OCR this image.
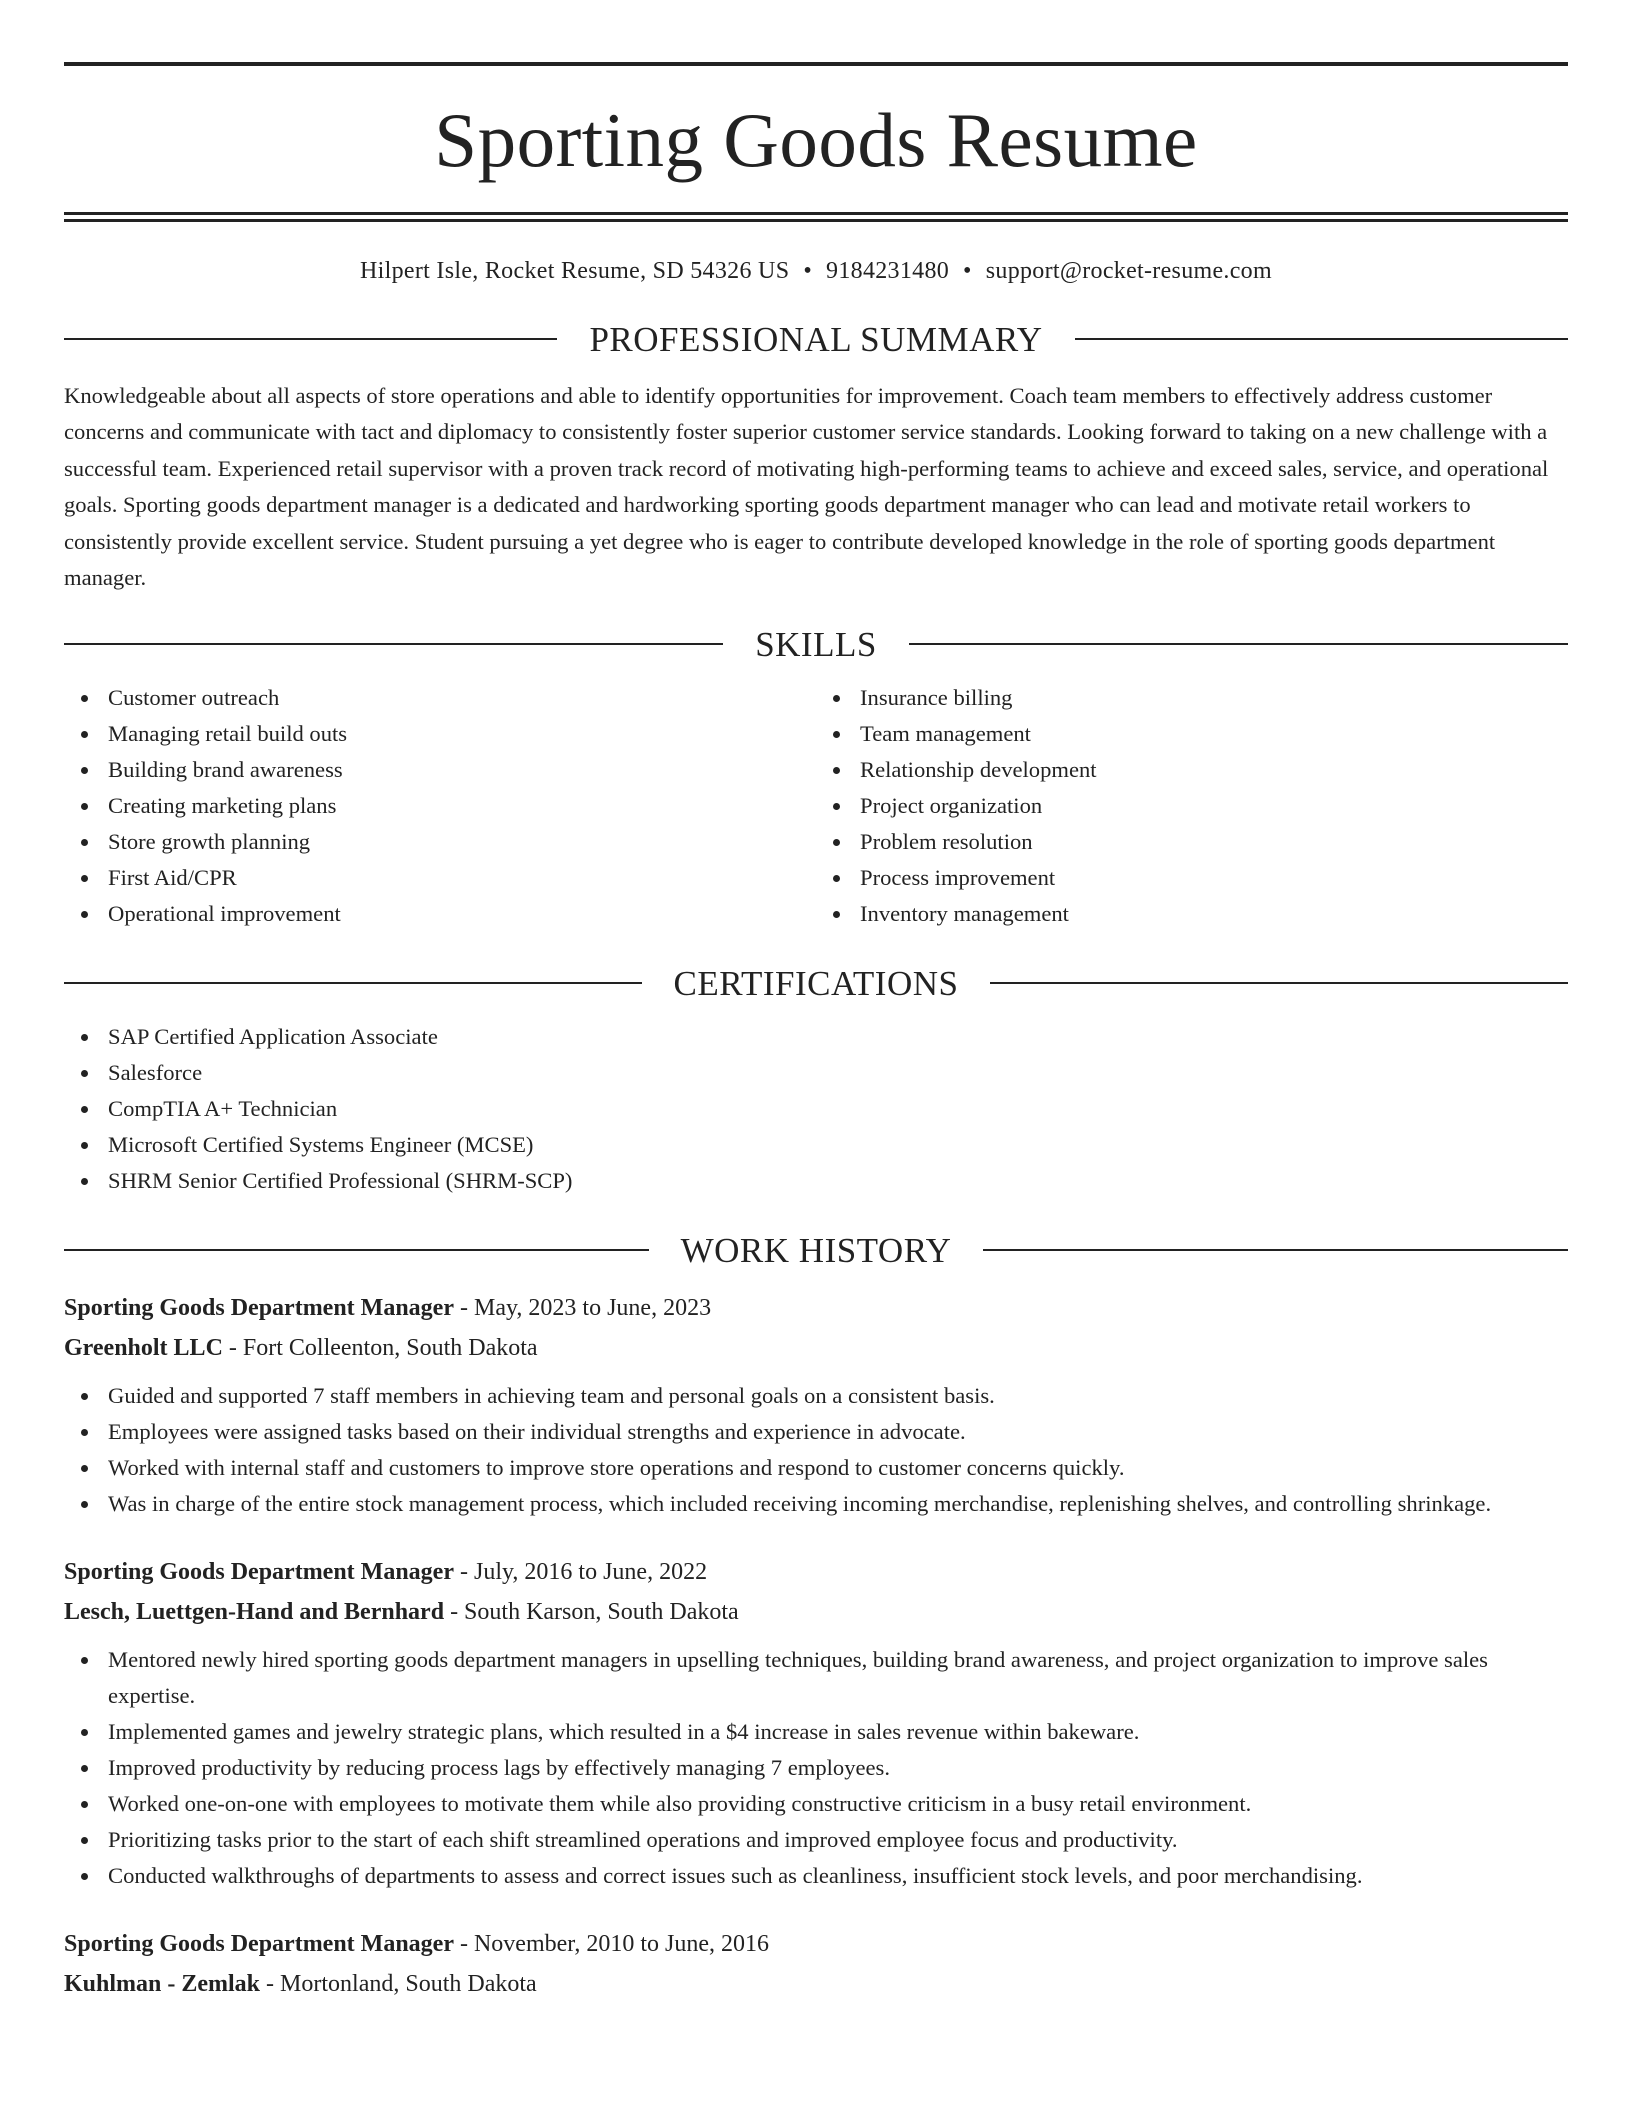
Sporting Goods Resume
Hilpert Isle, Rocket Resume, SD 54326 US • 9184231480 • support@rocket-resume.com
PROFESSIONAL SUMMARY

Knowledgeable about all aspects of store operations and able to identify opportunities for improvement. Coach team members to effectively address customer concerns and communicate with tact and diplomacy to consistently foster superior customer service standards. Looking forward to taking on a new challenge with a successful team. Experienced retail supervisor with a proven track record of motivating high-performing teams to achieve and exceed sales, service, and operational goals. Sporting goods department manager is a dedicated and hardworking sporting goods department manager who can lead and motivate retail workers to consistently provide excellent service. Student pursuing a yet degree who is eager to contribute developed knowledge in the role of sporting goods department manager.

SKILLS
Customer outreach
Managing retail build outs
Building brand awareness
Creating marketing plans
Store growth planning
First Aid/CPR
Operational improvement
Insurance billing
Team management
Relationship development
Project organization
Problem resolution
Process improvement
Inventory management
CERTIFICATIONS
SAP Certified Application Associate
Salesforce
CompTIA A+ Technician
Microsoft Certified Systems Engineer (MCSE)
SHRM Senior Certified Professional (SHRM-SCP)
WORK HISTORY
Sporting Goods Department Manager - May, 2023 to June, 2023
Greenholt LLC - Fort Colleenton, South Dakota
Guided and supported 7 staff members in achieving team and personal goals on a consistent basis.
Employees were assigned tasks based on their individual strengths and experience in advocate.
Worked with internal staff and customers to improve store operations and respond to customer concerns quickly.
Was in charge of the entire stock management process, which included receiving incoming merchandise, replenishing shelves, and controlling shrinkage.
Sporting Goods Department Manager - July, 2016 to June, 2022
Lesch, Luettgen-Hand and Bernhard - South Karson, South Dakota
Mentored newly hired sporting goods department managers in upselling techniques, building brand awareness, and project organization to improve sales expertise.
Implemented games and jewelry strategic plans, which resulted in a $4 increase in sales revenue within bakeware.
Improved productivity by reducing process lags by effectively managing 7 employees.
Worked one-on-one with employees to motivate them while also providing constructive criticism in a busy retail environment.
Prioritizing tasks prior to the start of each shift streamlined operations and improved employee focus and productivity.
Conducted walkthroughs of departments to assess and correct issues such as cleanliness, insufficient stock levels, and poor merchandising.
Sporting Goods Department Manager - November, 2010 to June, 2016
Kuhlman - Zemlak - Mortonland, South Dakota
